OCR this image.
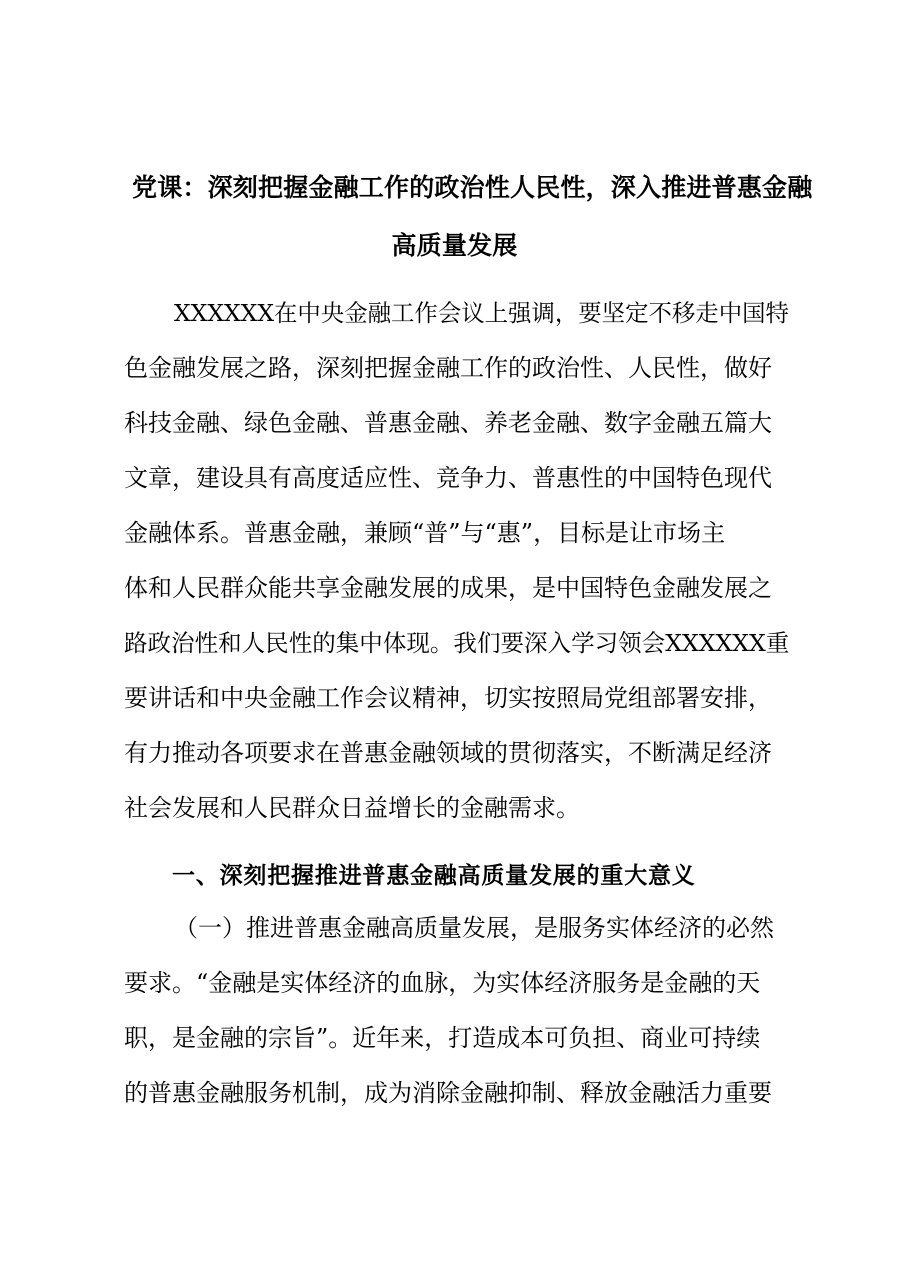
党课：深刻把握金融工作的政治性人民性，深入推进普惠金融
高质量发展
XXXXXX在中央金融工作会议上强调，要坚定不移走中国特
色金融发展之路，深刻把握金融工作的政治性、人民性，做好
科技金融、绿色金融、普惠金融、养老金融、数字金融五篇大
文章，建设具有高度适应性、竞争力、普惠性的中国特色现代
金融体系。普惠金融，兼顾“普”与“惠”，目标是让市场主
体和人民群众能共享金融发展的成果，是中国特色金融发展之
路政治性和人民性的集中体现。我们要深入学习领会XXXXXX重
要讲话和中央金融工作会议精神，切实按照局党组部署安排，
有力推动各项要求在普惠金融领域的贯彻落实，不断满足经济
社会发展和人民群众日益增长的金融需求。
一、深刻把握推进普惠金融高质量发展的重大意义
（一）推进普惠金融高质量发展，是服务实体经济的必然
要求。“金融是实体经济的血脉，为实体经济服务是金融的天
职，是金融的宗旨”。近年来，打造成本可负担、商业可持续
的普惠金融服务机制，成为消除金融抑制、释放金融活力重要
